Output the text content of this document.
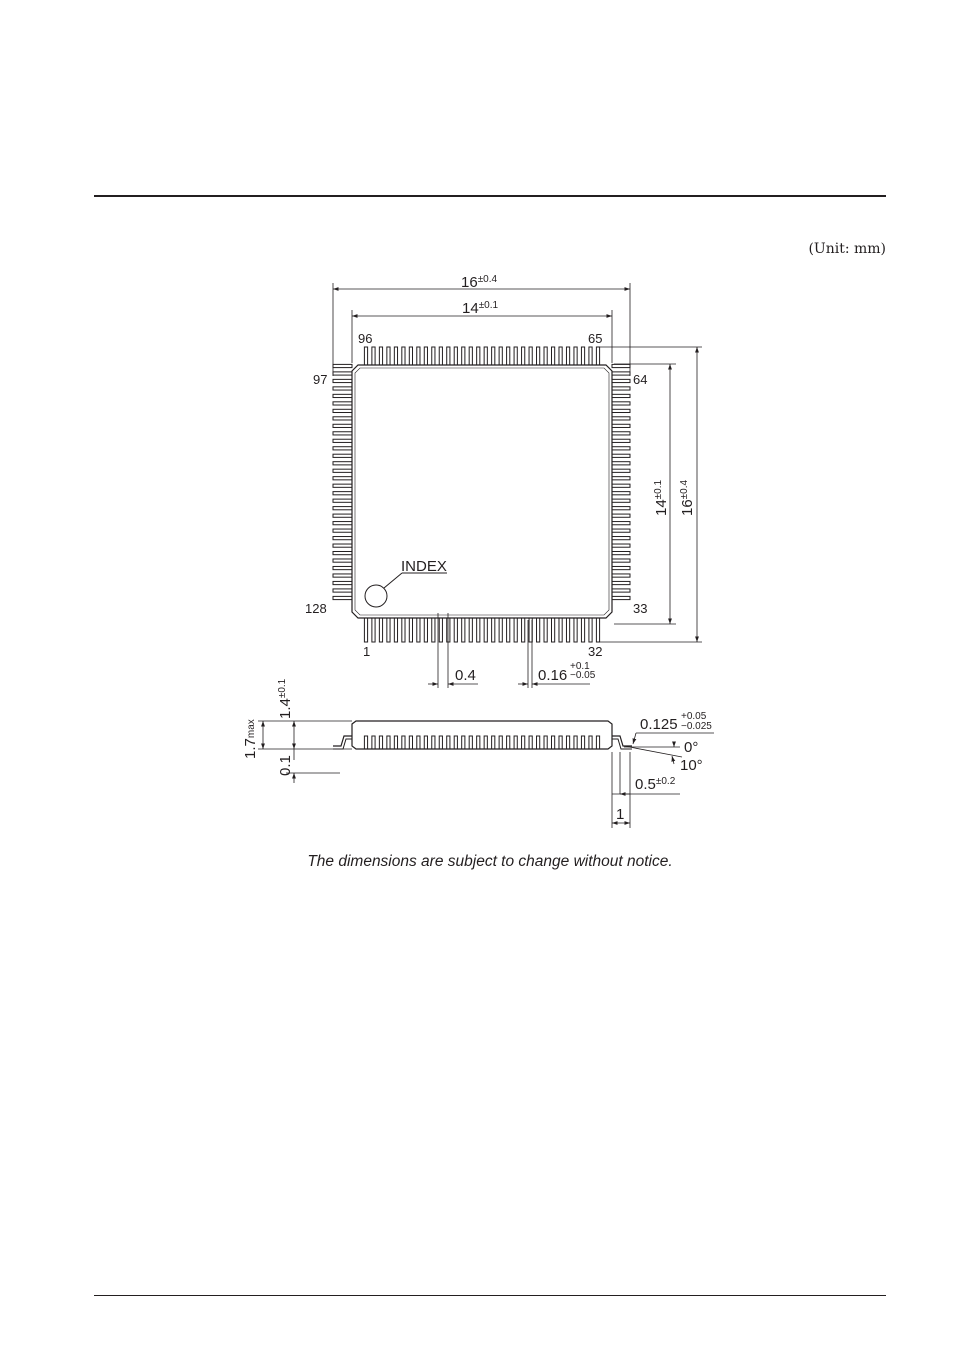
(Unit: mm)
INDEX
96	65
97
128
64
33
1	32
$16^{\pm 0.4}$
$14^{\pm 0.1}$
$16^{\pm 0.4}$
$14^{\pm 0.1}$
0.4	0.16
+0.1
−0.05
$1.4^{\pm 0.1}$
1.7max
0.1
0.125 +0.05
−0.025
0°
10°
$0.5^{\pm 0.2}$
1
The dimensions are subject to change without notice.
